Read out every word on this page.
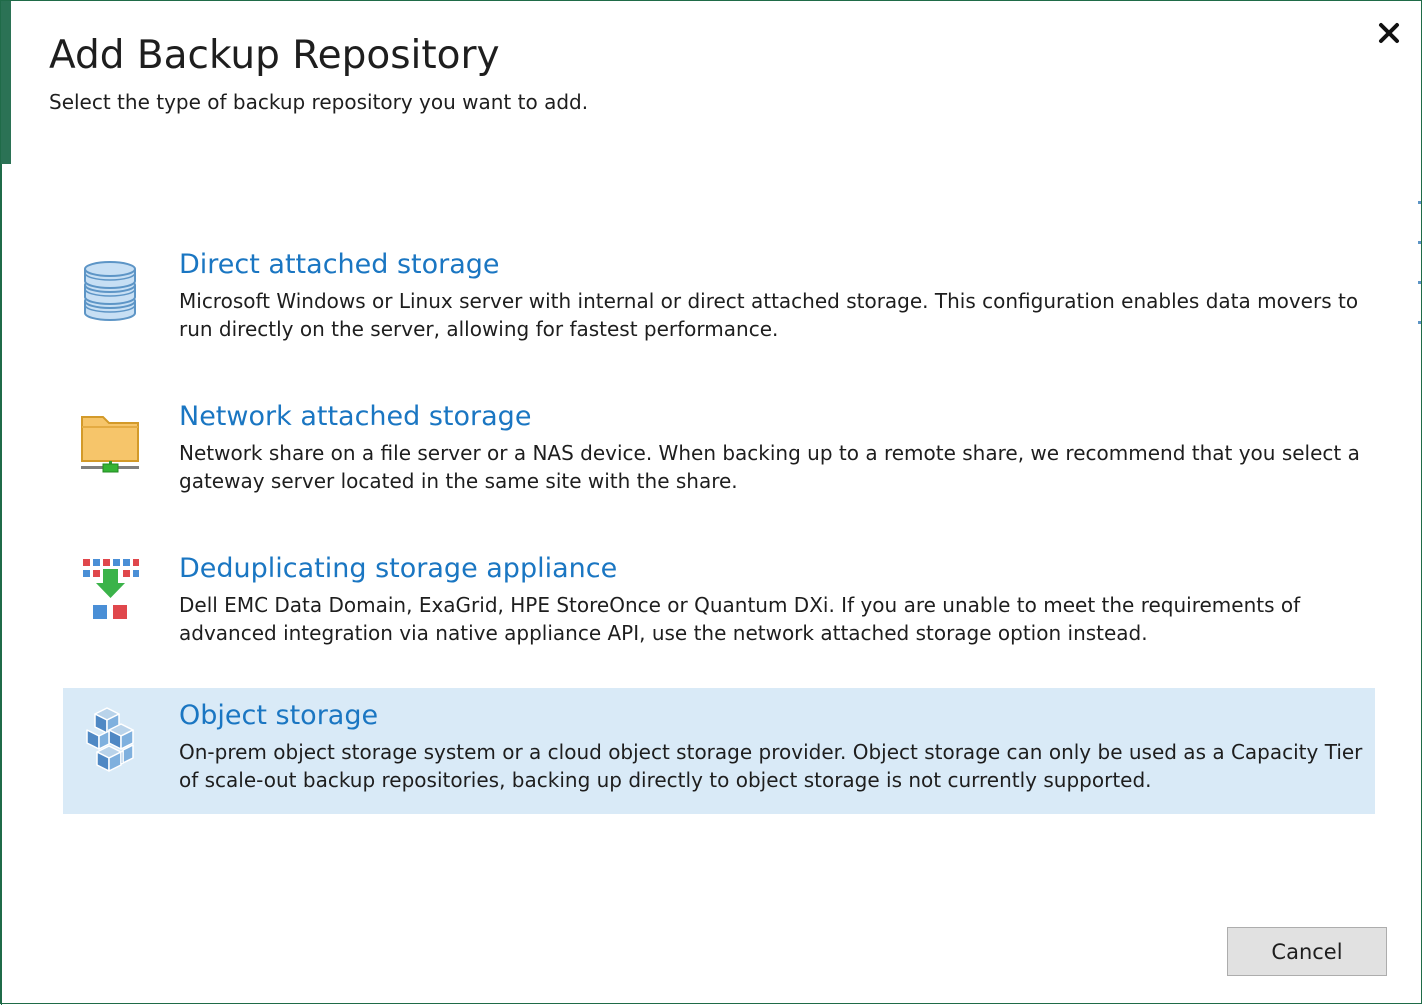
Add Backup Repository
Select the type of backup repository you want to add.
Direct attached storage
Microsoft Windows or Linux server with internal or direct attached storage. This configuration enables data movers to run directly on the server, allowing for fastest performance.
Network attached storage
Network share on a file server or a NAS device. When backing up to a remote share, we recommend that you select a gateway server located in the same site with the share.
Deduplicating storage appliance
Dell EMC Data Domain, ExaGrid, HPE StoreOnce or Quantum DXi. If you are unable to meet the requirements of advanced integration via native appliance API, use the network attached storage option instead.
Object storage
On-prem object storage system or a cloud object storage provider. Object storage can only be used as a Capacity Tier of scale-out backup repositories, backing up directly to object storage is not currently supported.
Cancel
